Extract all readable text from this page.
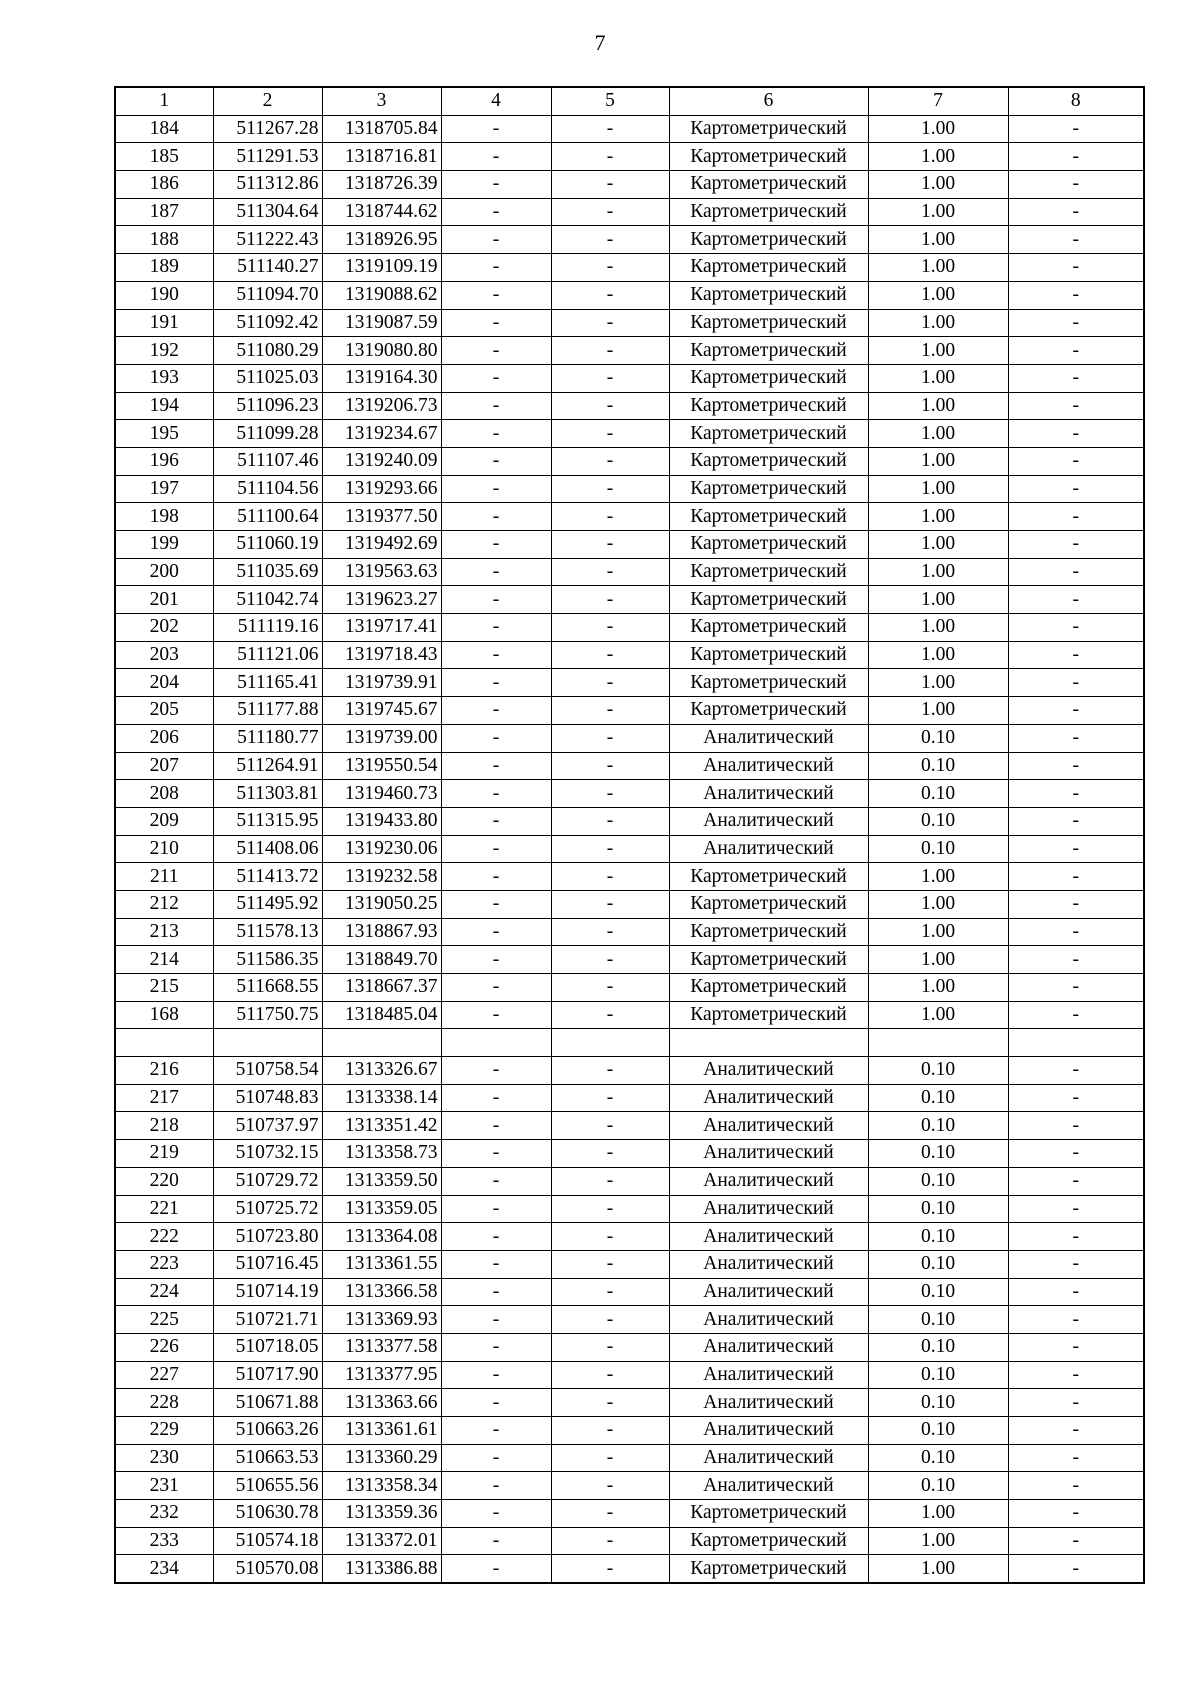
7
1	2	3	4	5	6	7	8
184	511267.28	1318705.84	-	-	Картометрический	1.00	-
185	511291.53	1318716.81	-	-	Картометрический	1.00	-
186	511312.86	1318726.39	-	-	Картометрический	1.00	-
187	511304.64	1318744.62	-	-	Картометрический	1.00	-
188	511222.43	1318926.95	-	-	Картометрический	1.00	-
189	511140.27	1319109.19	-	-	Картометрический	1.00	-
190	511094.70	1319088.62	-	-	Картометрический	1.00	-
191	511092.42	1319087.59	-	-	Картометрический	1.00	-
192	511080.29	1319080.80	-	-	Картометрический	1.00	-
193	511025.03	1319164.30	-	-	Картометрический	1.00	-
194	511096.23	1319206.73	-	-	Картометрический	1.00	-
195	511099.28	1319234.67	-	-	Картометрический	1.00	-
196	511107.46	1319240.09	-	-	Картометрический	1.00	-
197	511104.56	1319293.66	-	-	Картометрический	1.00	-
198	511100.64	1319377.50	-	-	Картометрический	1.00	-
199	511060.19	1319492.69	-	-	Картометрический	1.00	-
200	511035.69	1319563.63	-	-	Картометрический	1.00	-
201	511042.74	1319623.27	-	-	Картометрический	1.00	-
202	511119.16	1319717.41	-	-	Картометрический	1.00	-
203	511121.06	1319718.43	-	-	Картометрический	1.00	-
204	511165.41	1319739.91	-	-	Картометрический	1.00	-
205	511177.88	1319745.67	-	-	Картометрический	1.00	-
206	511180.77	1319739.00	-	-	Аналитический	0.10	-
207	511264.91	1319550.54	-	-	Аналитический	0.10	-
208	511303.81	1319460.73	-	-	Аналитический	0.10	-
209	511315.95	1319433.80	-	-	Аналитический	0.10	-
210	511408.06	1319230.06	-	-	Аналитический	0.10	-
211	511413.72	1319232.58	-	-	Картометрический	1.00	-
212	511495.92	1319050.25	-	-	Картометрический	1.00	-
213	511578.13	1318867.93	-	-	Картометрический	1.00	-
214	511586.35	1318849.70	-	-	Картометрический	1.00	-
215	511668.55	1318667.37	-	-	Картометрический	1.00	-
168	511750.75	1318485.04	-	-	Картометрический	1.00	-

216	510758.54	1313326.67	-	-	Аналитический	0.10	-
217	510748.83	1313338.14	-	-	Аналитический	0.10	-
218	510737.97	1313351.42	-	-	Аналитический	0.10	-
219	510732.15	1313358.73	-	-	Аналитический	0.10	-
220	510729.72	1313359.50	-	-	Аналитический	0.10	-
221	510725.72	1313359.05	-	-	Аналитический	0.10	-
222	510723.80	1313364.08	-	-	Аналитический	0.10	-
223	510716.45	1313361.55	-	-	Аналитический	0.10	-
224	510714.19	1313366.58	-	-	Аналитический	0.10	-
225	510721.71	1313369.93	-	-	Аналитический	0.10	-
226	510718.05	1313377.58	-	-	Аналитический	0.10	-
227	510717.90	1313377.95	-	-	Аналитический	0.10	-
228	510671.88	1313363.66	-	-	Аналитический	0.10	-
229	510663.26	1313361.61	-	-	Аналитический	0.10	-
230	510663.53	1313360.29	-	-	Аналитический	0.10	-
231	510655.56	1313358.34	-	-	Аналитический	0.10	-
232	510630.78	1313359.36	-	-	Картометрический	1.00	-
233	510574.18	1313372.01	-	-	Картометрический	1.00	-
234	510570.08	1313386.88	-	-	Картометрический	1.00	-
